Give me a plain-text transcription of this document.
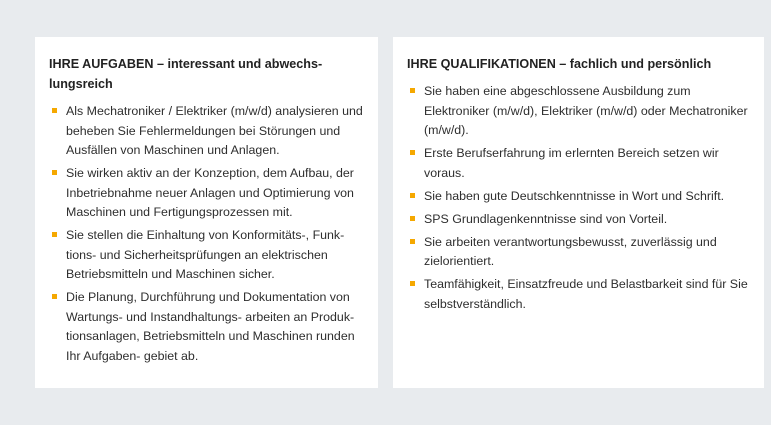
IHRE AUFGABEN – interessant und abwechs-
lungsreich
Als Mechatroniker / Elektriker (m/w/d) analysieren und beheben Sie Fehlermeldungen bei Störungen und Ausfällen von Maschinen und Anlagen.
Sie wirken aktiv an der Konzeption, dem Aufbau, der Inbetriebnahme neuer Anlagen und Optimierung von Maschinen und Fertigungsprozessen mit.
Sie stellen die Einhaltung von Konformitäts-, Funk- tions- und Sicherheitsprüfungen an elektrischen Betriebsmitteln und Maschinen sicher.
Die Planung, Durchführung und Dokumentation von Wartungs- und Instandhaltungs- arbeiten an Produk- tionsanlagen, Betriebsmitteln und Maschinen runden Ihr Aufgaben- gebiet ab.
IHRE QUALIFIKATIONEN – fachlich und persönlich
Sie haben eine abgeschlossene Ausbildung zum Elektroniker (m/w/d), Elektriker (m/w/d) oder Mechatroniker (m/w/d).
Erste Berufserfahrung im erlernten Bereich setzen wir voraus.
Sie haben gute Deutschkenntnisse in Wort und Schrift.
SPS Grundlagenkenntnisse sind von Vorteil.
Sie arbeiten verantwortungsbewusst, zuverlässig und zielorientiert.
Teamfähigkeit, Einsatzfreude und Belastbarkeit sind für Sie selbstverständlich.
